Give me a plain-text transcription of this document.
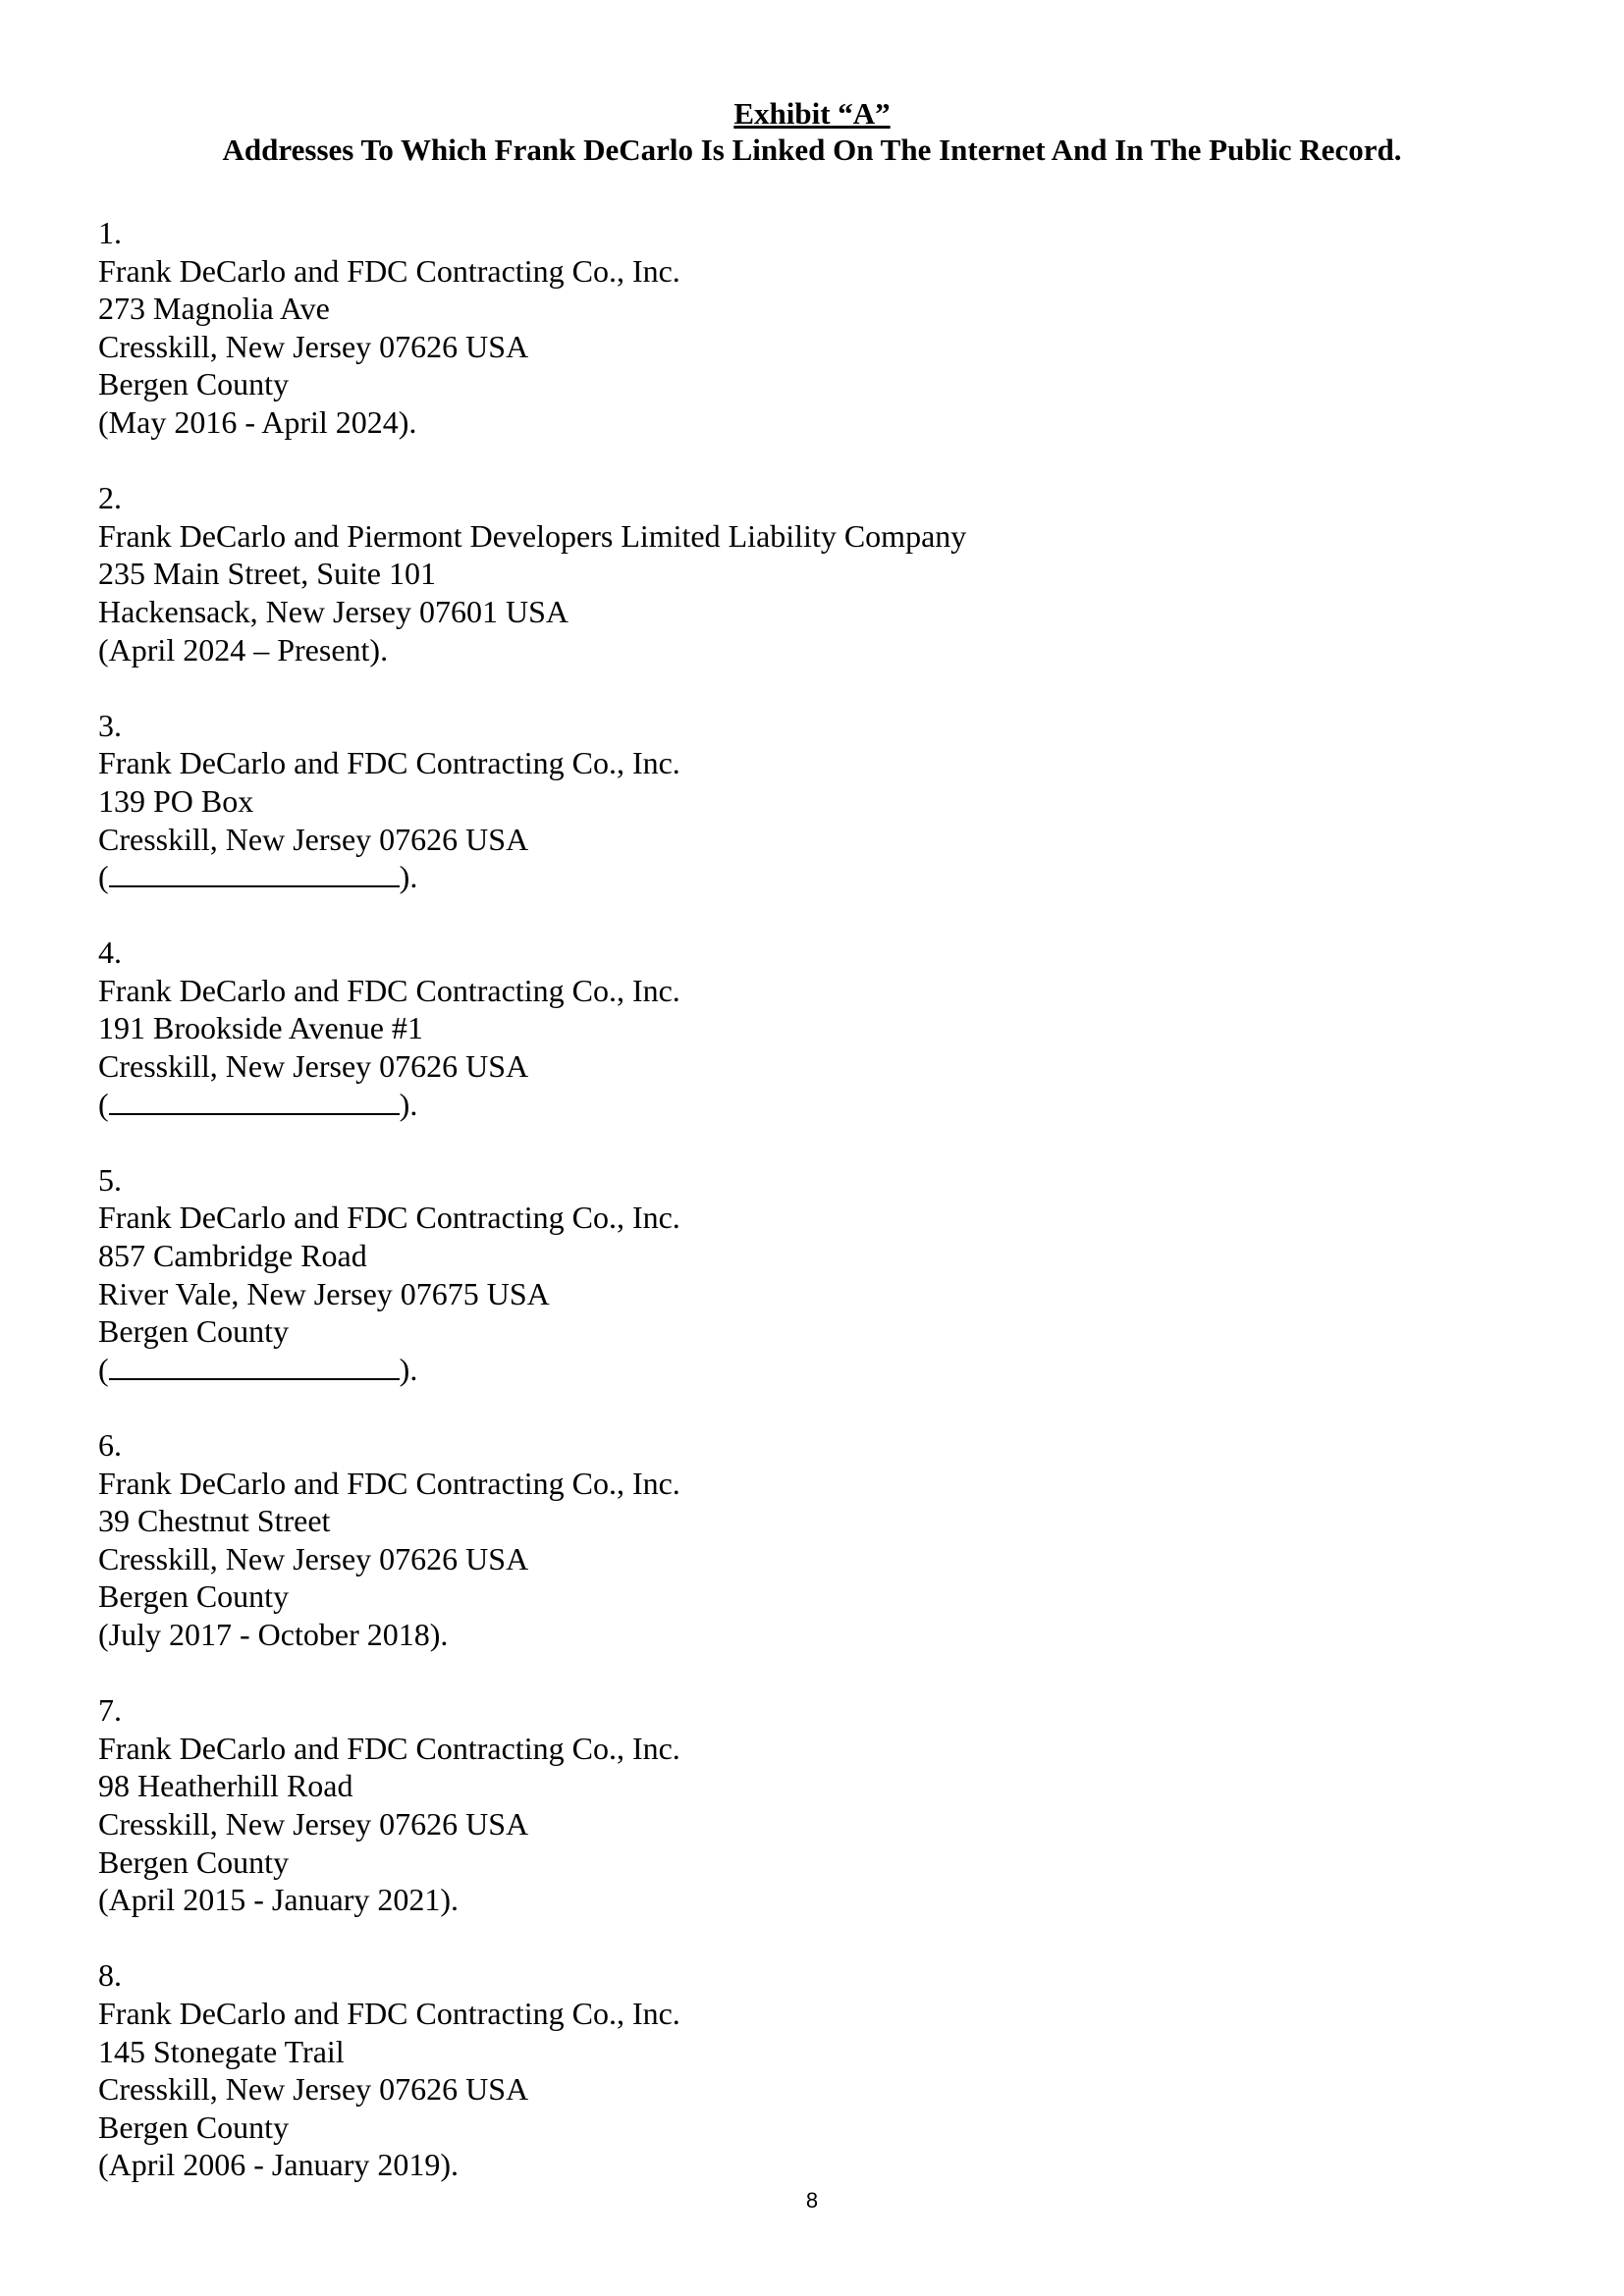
Exhibit “A”

Addresses To Which Frank DeCarlo Is Linked On The Internet And In The Public Record.

1.
Frank DeCarlo and FDC Contracting Co., Inc.
273 Magnolia Ave
Cresskill, New Jersey 07626 USA
Bergen County
(May 2016 - April 2024).
2.
Frank DeCarlo and Piermont Developers Limited Liability Company
235 Main Street, Suite 101
Hackensack, New Jersey 07601 USA
(April 2024 – Present).
3.
Frank DeCarlo and FDC Contracting Co., Inc.
139 PO Box
Cresskill, New Jersey 07626 USA
(	).
4.
Frank DeCarlo and FDC Contracting Co., Inc.
191 Brookside Avenue #1
Cresskill, New Jersey 07626 USA
(	).
5.
Frank DeCarlo and FDC Contracting Co., Inc.
857 Cambridge Road
River Vale, New Jersey 07675 USA
Bergen County
(	).
6.
Frank DeCarlo and FDC Contracting Co., Inc.
39 Chestnut Street
Cresskill, New Jersey 07626 USA
Bergen County
(July 2017 - October 2018).
7.
Frank DeCarlo and FDC Contracting Co., Inc.
98 Heatherhill Road
Cresskill, New Jersey 07626 USA
Bergen County
(April 2015 - January 2021).
8.
Frank DeCarlo and FDC Contracting Co., Inc.
145 Stonegate Trail
Cresskill, New Jersey 07626 USA
Bergen County
(April 2006 - January 2019).
8
